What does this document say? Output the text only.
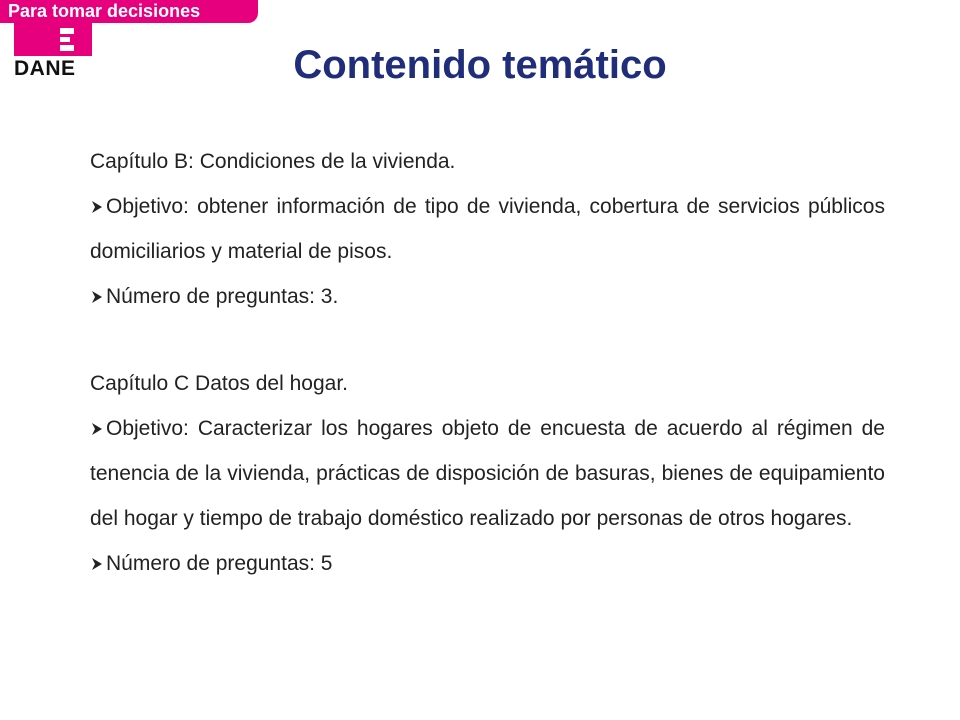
Para tomar decisiones
DANE	Contenido temático

Capítulo B: Condiciones de la vivienda.

Objetivo: obtener información de tipo de vivienda, cobertura de servicios públicos domiciliarios y material de pisos.

Número de preguntas: 3.

Capítulo C Datos del hogar.

Objetivo: Caracterizar los hogares objeto de encuesta de acuerdo al régimen de tenencia de la vivienda, prácticas de disposición de basuras, bienes de equipamiento del hogar y tiempo de trabajo doméstico realizado por personas de otros hogares.

Número de preguntas: 5
